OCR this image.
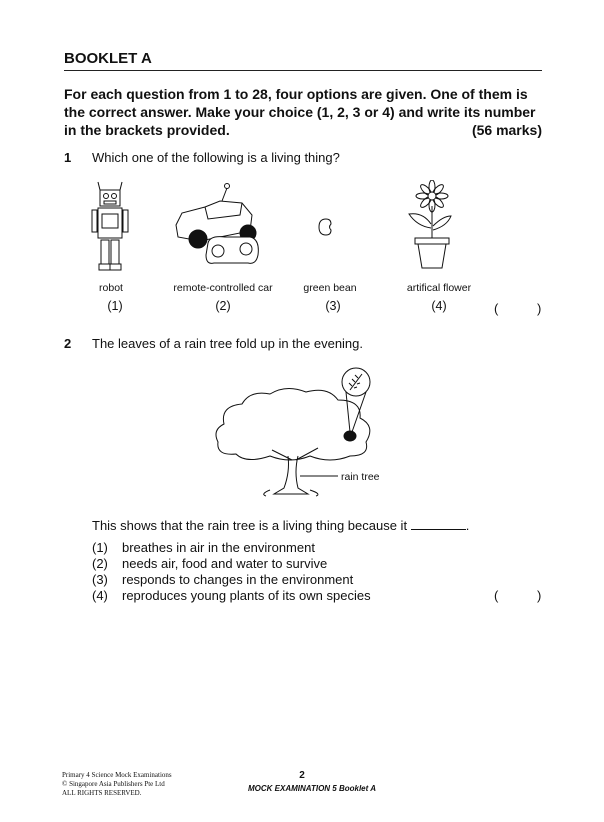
BOOKLET A
For each question from 1 to 28, four options are given. One of them is
the correct answer. Make your choice (1, 2, 3 or 4) and write its number
in the brackets provided.	(56 marks)
1 Which one of the following is a living thing?
robot	remote-controlled car	green bean	artifical flower
(1)	(2)	(3)	(4)	(	)
2 The leaves of a rain tree fold up in the evening.
rain tree
This shows that the rain tree is a living thing because it	.
(1) breathes in air in the environment
(2) needs air, food and water to survive
(3) responds to changes in the environment
(4) reproduces young plants of its own species	(	)
Primary 4 Science Mock Examinations
© Singapore Asia Publishers Pte Ltd
ALL RIGHTS RESERVED.
2
MOCK EXAMINATION 5 Booklet A
